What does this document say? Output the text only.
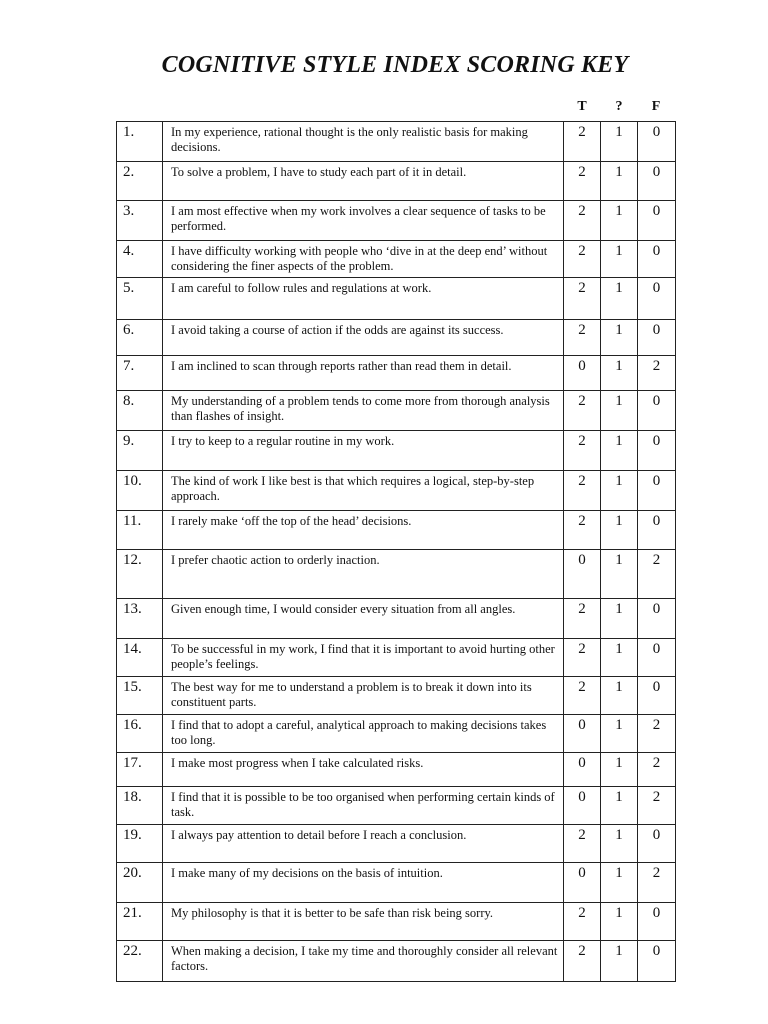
COGNITIVE STYLE INDEX SCORING KEY
T	?	F
1.	In my experience, rational thought is the only realistic basis for making decisions.	2	1	0
2.	To solve a problem, I have to study each part of it in detail.	2	1	0
3.	I am most effective when my work involves a clear sequence of tasks to be performed.	2	1	0
4.	I have difficulty working with people who ‘dive in at the deep end’ without considering the finer aspects of the problem.	2	1	0
5.	I am careful to follow rules and regulations at work.	2	1	0
6.	I avoid taking a course of action if the odds are against its success.	2	1	0
7.	I am inclined to scan through reports rather than read them in detail.	0	1	2
8.	My understanding of a problem tends to come more from thorough analysis than flashes of insight.	2	1	0
9.	I try to keep to a regular routine in my work.	2	1	0
10.	The kind of work I like best is that which requires a logical, step-by-step approach.	2	1	0
11.	I rarely make ‘off the top of the head’ decisions.	2	1	0
12.	I prefer chaotic action to orderly inaction.	0	1	2
13.	Given enough time, I would consider every situation from all angles.	2	1	0
14.	To be successful in my work, I find that it is important to avoid hurting other people’s feelings.	2	1	0
15.	The best way for me to understand a problem is to break it down into its constituent parts.	2	1	0
16.	I find that to adopt a careful, analytical approach to making decisions takes too long.	0	1	2
17.	I make most progress when I take calculated risks.	0	1	2
18.	I find that it is possible to be too organised when performing certain kinds of task.	0	1	2
19.	I always pay attention to detail before I reach a conclusion.	2	1	0
20.	I make many of my decisions on the basis of intuition.	0	1	2
21.	My philosophy is that it is better to be safe than risk being sorry.	2	1	0
22.	When making a decision, I take my time and thoroughly consider all relevant factors.	2	1	0
